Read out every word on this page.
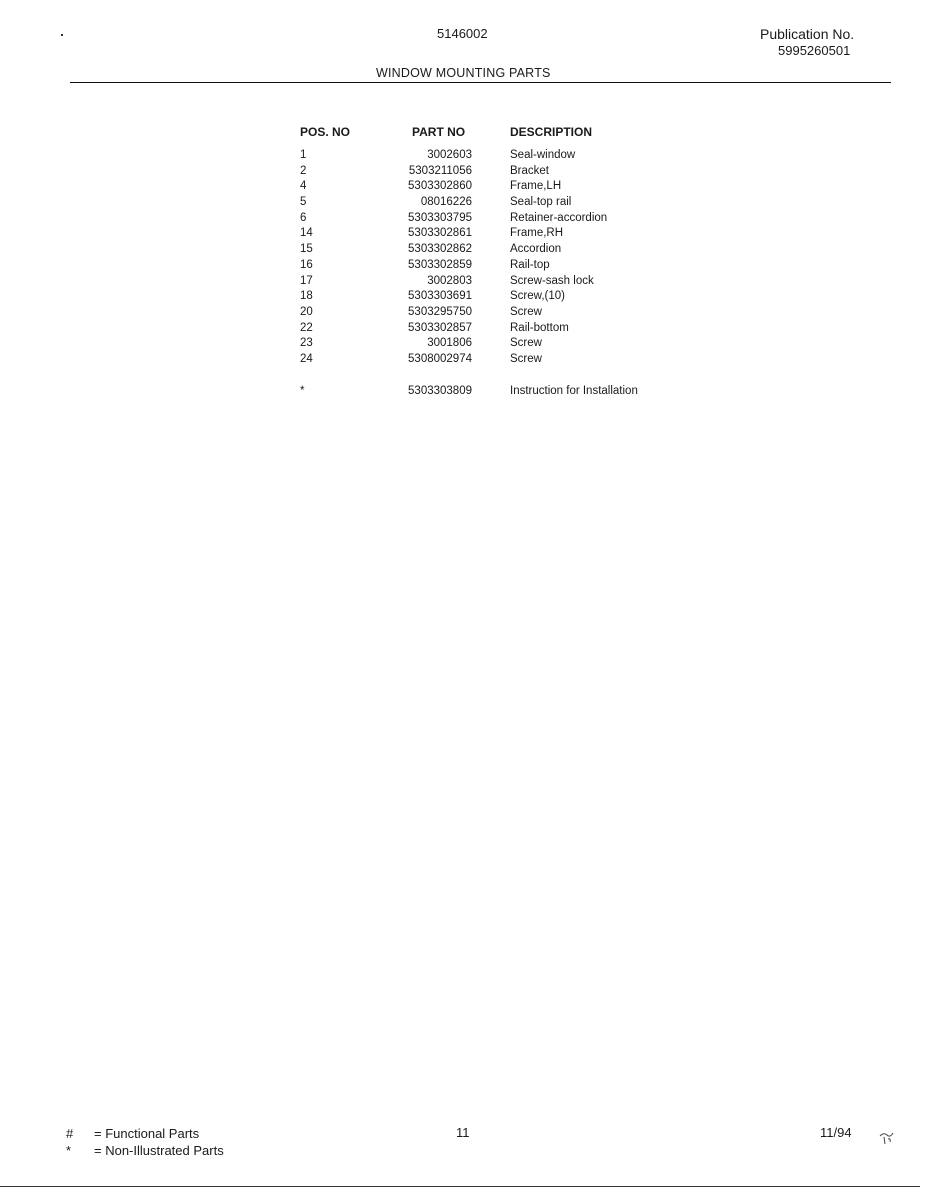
5146002	Publication No.
5995260501
WINDOW MOUNTING PARTS
POS. NO	PART NO	DESCRIPTION
1	3002603	Seal-window
2	5303211056	Bracket
4	5303302860	Frame,LH
5	08016226	Seal-top rail
6	5303303795	Retainer-accordion
14	5303302861	Frame,RH
15	5303302862	Accordion
16	5303302859	Rail-top
17	3002803	Screw-sash lock
18	5303303691	Screw,(10)
20	5303295750	Screw
22	5303302857	Rail-bottom
23	3001806	Screw
24	5308002974	Screw
*	5303303809	Instruction for Installation
# = Functional Parts
* = Non-Illustrated Parts
11	11/94
